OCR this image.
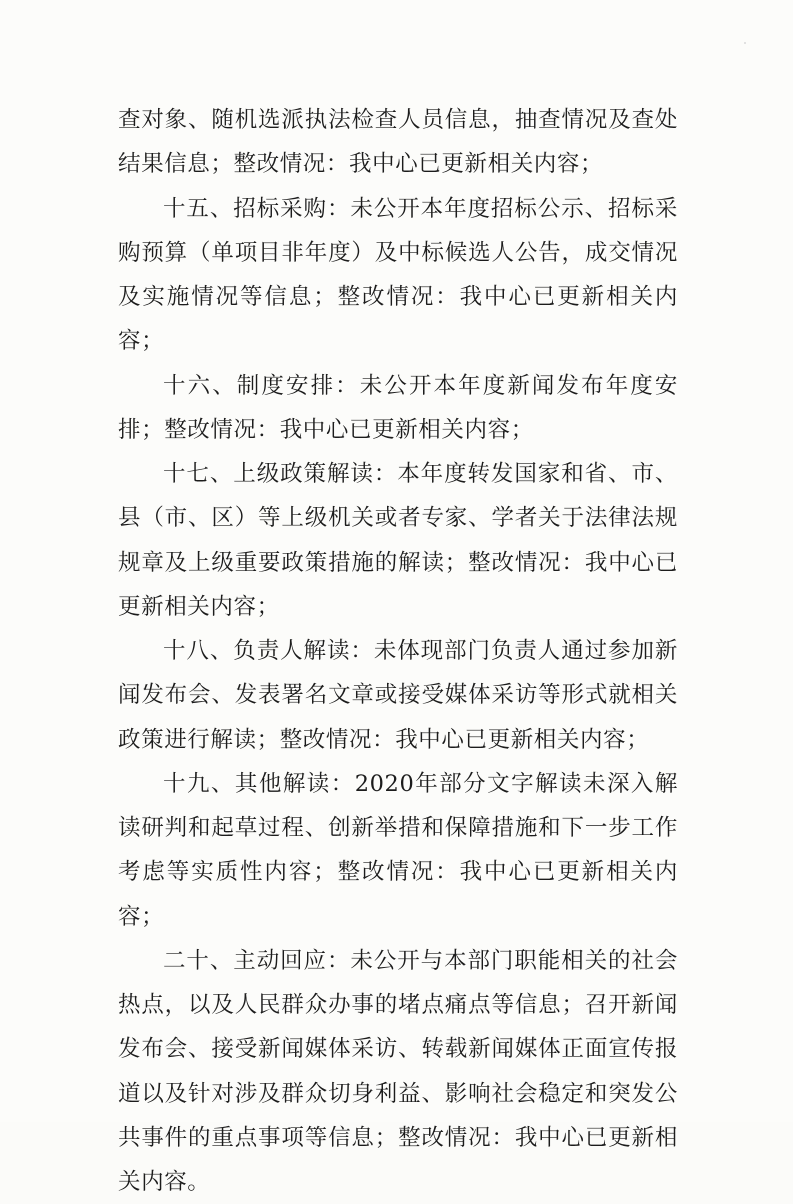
查对象、随机选派执法检查人员信息，抽查情况及查处结果信息；整改情况：我中心已更新相关内容；

十五、招标采购：未公开本年度招标公示、招标采购预算（单项目非年度）及中标候选人公告，成交情况及实施情况等信息；整改情况：我中心已更新相关内容；

十六、制度安排：未公开本年度新闻发布年度安排；整改情况：我中心已更新相关内容；

十七、上级政策解读：本年度转发国家和省、市、县（市、区）等上级机关或者专家、学者关于法律法规规章及上级重要政策措施的解读；整改情况：我中心已更新相关内容；

十八、负责人解读：未体现部门负责人通过参加新闻发布会、发表署名文章或接受媒体采访等形式就相关政策进行解读；整改情况：我中心已更新相关内容；

十九、其他解读：2020年部分文字解读未深入解读研判和起草过程、创新举措和保障措施和下一步工作考虑等实质性内容；整改情况：我中心已更新相关内容；

二十、主动回应：未公开与本部门职能相关的社会热点，以及人民群众办事的堵点痛点等信息；召开新闻发布会、接受新闻媒体采访、转载新闻媒体正面宣传报道以及针对涉及群众切身利益、影响社会稳定和突发公共事件的重点事项等信息；整改情况：我中心已更新相关内容。
